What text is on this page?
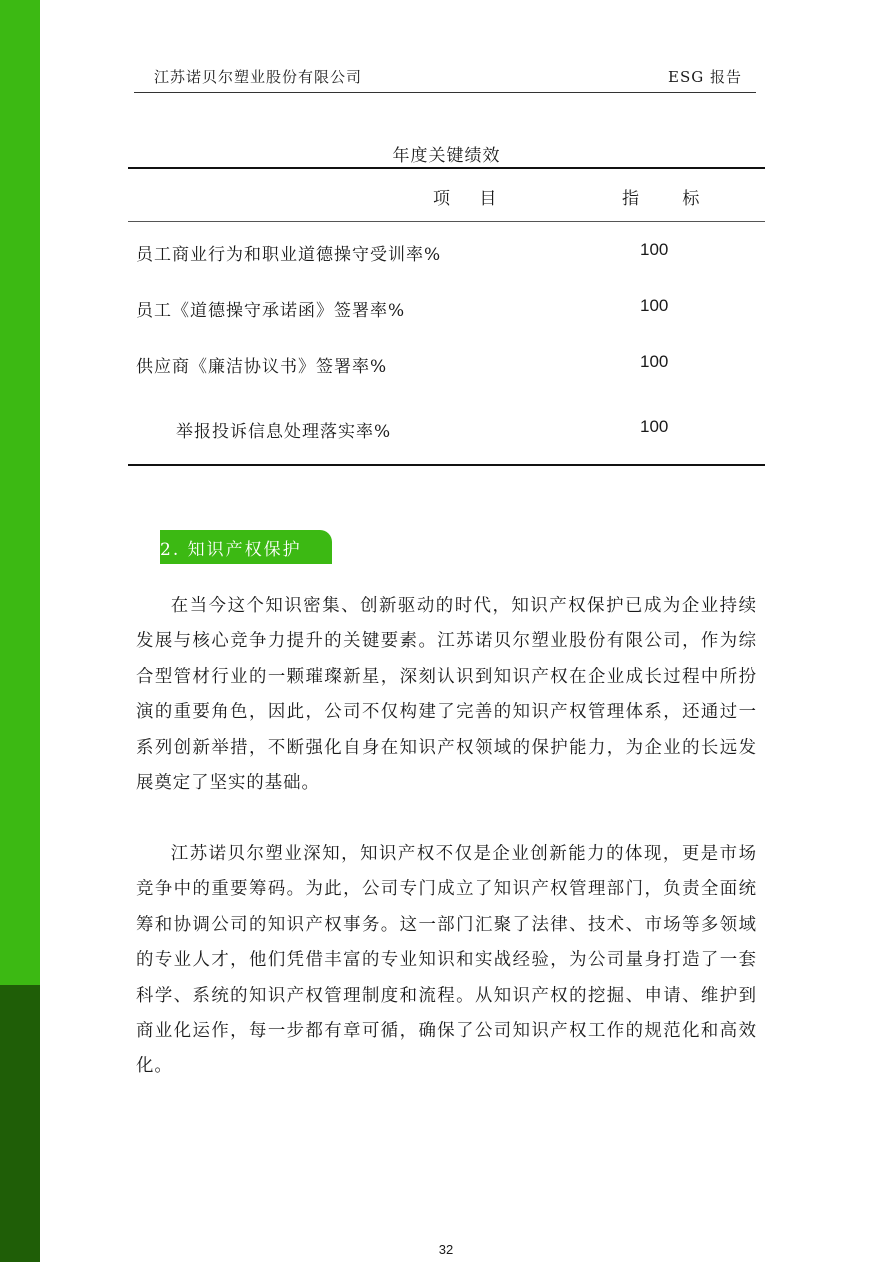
江苏诺贝尔塑业股份有限公司	ESG 报告
年度关键绩效
项 目	指 标
员工商业行为和职业道德操守受训率%	100
员工《道德操守承诺函》签署率%	100
供应商《廉洁协议书》签署率%	100
举报投诉信息处理落实率%	100
2. 知识产权保护

在当今这个知识密集、创新驱动的时代，知识产权保护已成为企业持续发展与核心竞争力提升的关键要素。江苏诺贝尔塑业股份有限公司，作为综合型管材行业的一颗璀璨新星，深刻认识到知识产权在企业成长过程中所扮演的重要角色，因此，公司不仅构建了完善的知识产权管理体系，还通过一系列创新举措，不断强化自身在知识产权领域的保护能力，为企业的长远发展奠定了坚实的基础。

江苏诺贝尔塑业深知，知识产权不仅是企业创新能力的体现，更是市场竞争中的重要筹码。为此，公司专门成立了知识产权管理部门，负责全面统筹和协调公司的知识产权事务。这一部门汇聚了法律、技术、市场等多领域的专业人才，他们凭借丰富的专业知识和实战经验，为公司量身打造了一套科学、系统的知识产权管理制度和流程。从知识产权的挖掘、申请、维护到商业化运作，每一步都有章可循，确保了公司知识产权工作的规范化和高效化。

32
